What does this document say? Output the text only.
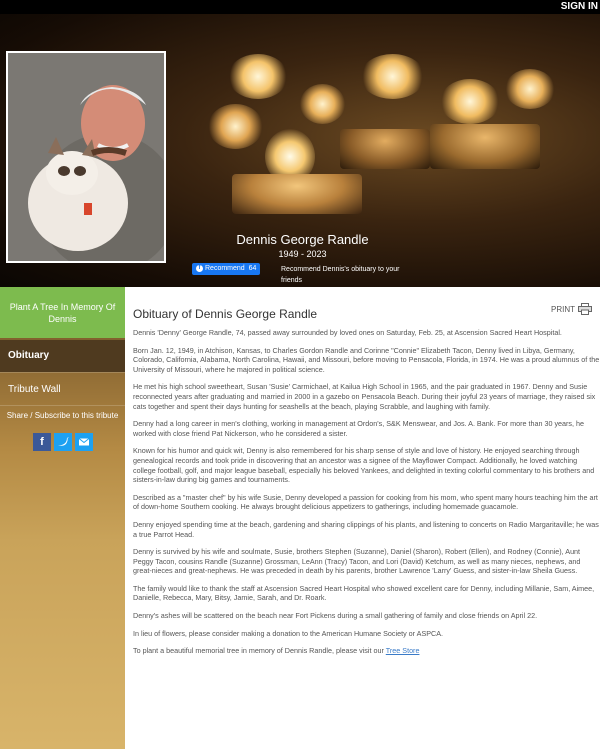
SIGN IN
Dennis George Randle
1949 - 2023
f Recommend 64	Recommend Dennis's obituary to your friends
Plant A Tree In Memory Of Dennis
Obituary
Tribute Wall
Share / Subscribe to this tribute
f
Obituary of Dennis George Randle	PRINT

Dennis 'Denny' George Randle, 74, passed away surrounded by loved ones on Saturday, Feb. 25, at Ascension Sacred Heart Hospital.

Born Jan. 12, 1949, in Atchison, Kansas, to Charles Gordon Randle and Corinne "Connie" Elizabeth Tacon, Denny lived in Libya, Germany, Colorado, California, Alabama, North Carolina, Hawaii, and Missouri, before moving to Pensacola, Florida, in 1974. He was a proud alumnus of the University of Missouri, where he majored in political science.

He met his high school sweetheart, Susan 'Susie' Carmichael, at Kailua High School in 1965, and the pair graduated in 1967. Denny and Susie reconnected years after graduating and married in 2000 in a gazebo on Pensacola Beach. During their joyful 23 years of marriage, they raised six cats together and spent their days hunting for seashells at the beach, playing Scrabble, and laughing with family.

Denny had a long career in men's clothing, working in management at Ordon's, S&K Menswear, and Jos. A. Bank. For more than 30 years, he worked with close friend Pat Nickerson, who he considered a sister.

Known for his humor and quick wit, Denny is also remembered for his sharp sense of style and love of history. He enjoyed searching through genealogical records and took pride in discovering that an ancestor was a signee of the Mayflower Compact. Additionally, he loved watching college football, golf, and major league baseball, especially his beloved Yankees, and delighted in texting colorful commentary to his brothers and sisters-in-law during big games and tournaments.

Described as a "master chef" by his wife Susie, Denny developed a passion for cooking from his mom, who spent many hours teaching him the art of down-home Southern cooking. He always brought delicious appetizers to gatherings, including homemade guacamole.

Denny enjoyed spending time at the beach, gardening and sharing clippings of his plants, and listening to concerts on Radio Margaritaville; he was a true Parrot Head.

Denny is survived by his wife and soulmate, Susie, brothers Stephen (Suzanne), Daniel (Sharon), Robert (Ellen), and Rodney (Connie), Aunt Peggy Tacon, cousins Randle (Suzanne) Grossman, LeAnn (Tracy) Tacon, and Lori (David) Ketchum, as well as many nieces, nephews, and great-nieces and great-nephews. He was preceded in death by his parents, brother Lawrence 'Larry' Guess, and sister-in-law Sheila Guess.

The family would like to thank the staff at Ascension Sacred Heart Hospital who showed excellent care for Denny, including Millanie, Sam, Aimee, Danielle, Rebecca, Mary, Bitsy, Jamie, Sarah, and Dr. Roark.

Denny's ashes will be scattered on the beach near Fort Pickens during a small gathering of family and close friends on April 22.

In lieu of flowers, please consider making a donation to the American Humane Society or ASPCA.

To plant a beautiful memorial tree in memory of Dennis Randle, please visit our Tree Store
